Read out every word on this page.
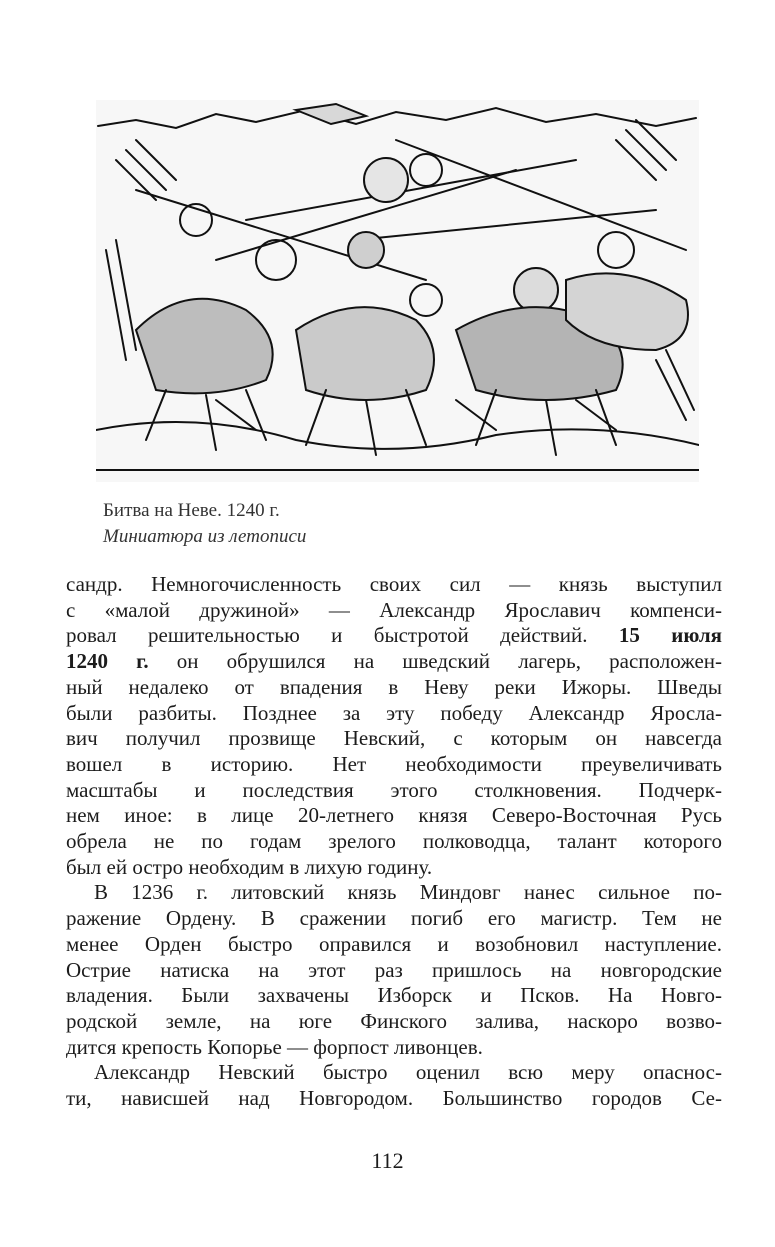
Битва на Неве. 1240 г.
Миниатюра из летописи
сандр. Немногочисленность своих сил — князь выступил
с «малой дружиной» — Александр Ярославич компенси-
ровал решительностью и быстротой действий. 15 июля
1240 г. он обрушился на шведский лагерь, расположен-
ный недалеко от впадения в Неву реки Ижоры. Шведы
были разбиты. Позднее за эту победу Александр Яросла-
вич получил прозвище Невский, с которым он навсегда
вошел в историю. Нет необходимости преувеличивать
масштабы и последствия этого столкновения. Подчерк-
нем иное: в лице 20-летнего князя Северо-Восточная Русь
обрела не по годам зрелого полководца, талант которого
был ей остро необходим в лихую годину.
В 1236 г. литовский князь Миндовг нанес сильное по-
ражение Ордену. В сражении погиб его магистр. Тем не
менее Орден быстро оправился и возобновил наступление.
Острие натиска на этот раз пришлось на новгородские
владения. Были захвачены Изборск и Псков. На Новго-
родской земле, на юге Финского залива, наскоро возво-
дится крепость Копорье — форпост ливонцев.
Александр Невский быстро оценил всю меру опаснос-
ти, нависшей над Новгородом. Большинство городов Се-
112
